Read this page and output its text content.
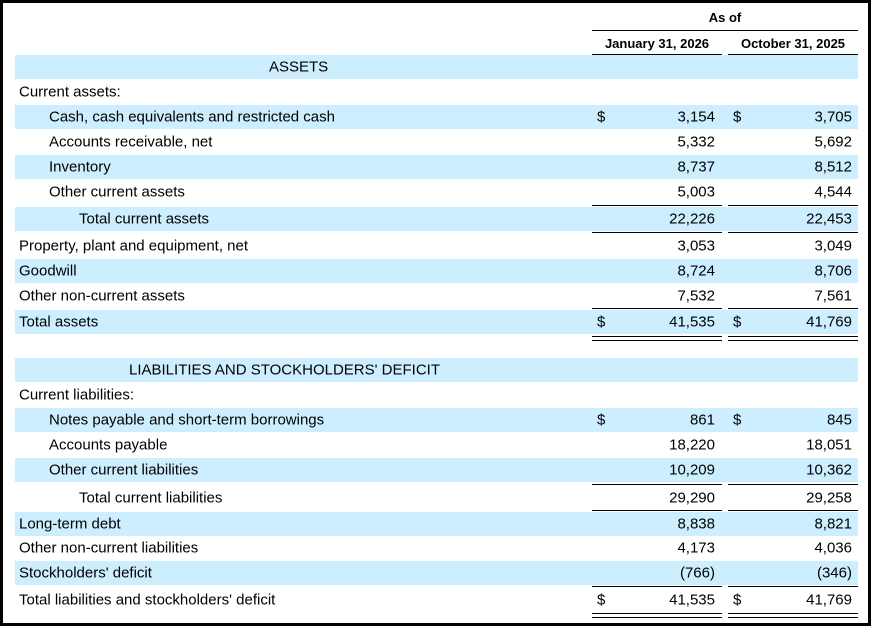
As of
January 31, 2026	October 31, 2025
ASSETS
Current assets:
Cash, cash equivalents and restricted cash	$	3,154 $	3,705
Accounts receivable, net	5,332	5,692
Inventory	8,737	8,512
Other current assets	5,003	4,544
Total current assets	22,226	22,453
Property, plant and equipment, net	3,053	3,049
Goodwill	8,724	8,706
Other non-current assets	7,532	7,561
Total assets	$	41,535 $	41,769
LIABILITIES AND STOCKHOLDERS' DEFICIT
Current liabilities:
Notes payable and short-term borrowings	$	861 $	845
Accounts payable	18,220	18,051
Other current liabilities	10,209	10,362
Total current liabilities	29,290	29,258
Long-term debt	8,838	8,821
Other non-current liabilities	4,173	4,036
Stockholders' deficit	(766)	(346)
Total liabilities and stockholders' deficit	$	41,535 $	41,769
